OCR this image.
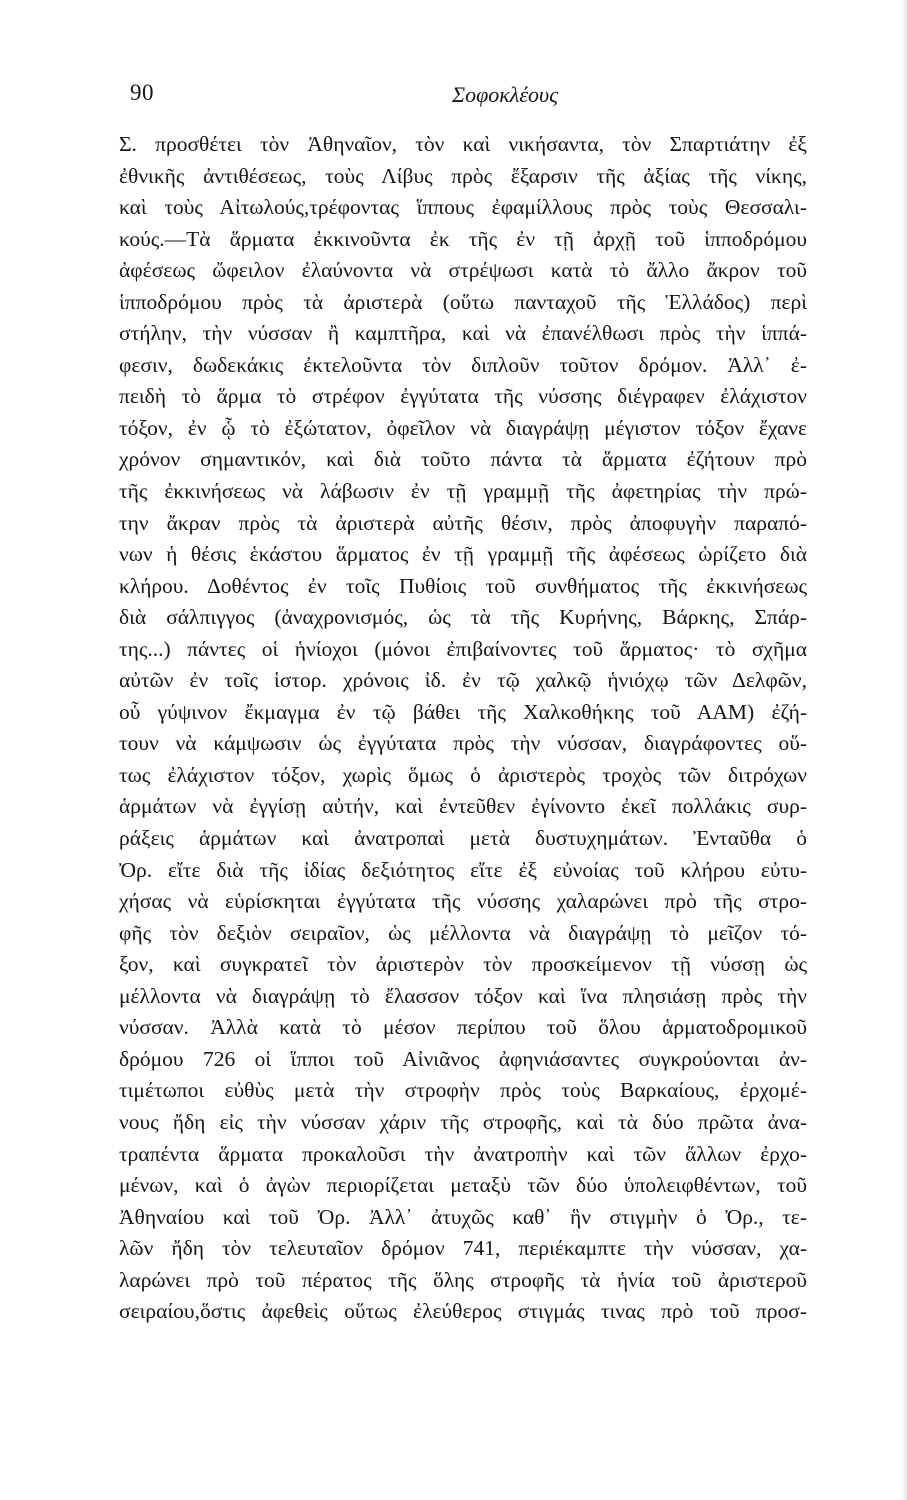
90	Σοφοκλέους
Σ. προσθέτει τὸν Ἀθηναῖον, τὸν καὶ νικήσαντα, τὸν Σπαρτιάτην ἐξ
ἐθνικῆς ἀντιθέσεως, τοὺς Λίβυς πρὸς ἔξαρσιν τῆς ἀξίας τῆς νίκης,
καὶ τοὺς Αἰτωλούς,τρέφοντας ἵππους ἐφαμίλλους πρὸς τοὺς Θεσσαλι-
κούς.—Τὰ ἅρματα ἐκκινοῦντα ἐκ τῆς ἐν τῇ ἀρχῇ τοῦ ἱπποδρόμου
ἀφέσεως ὤφειλον ἐλαύνοντα νὰ στρέψωσι κατὰ τὸ ἄλλο ἄκρον τοῦ
ἱπποδρόμου πρὸς τὰ ἀριστερὰ (οὕτω πανταχοῦ τῆς Ἑλλάδος) περὶ
στήλην, τὴν νύσσαν ἢ καμπτῆρα, καὶ νὰ ἐπανέλθωσι πρὸς τὴν ἱππά-
φεσιν, δωδεκάκις ἐκτελοῦντα τὸν διπλοῦν τοῦτον δρόμον. Ἀλλ᾽ ἐ-
πειδὴ τὸ ἅρμα τὸ στρέφον ἐγγύτατα τῆς νύσσης διέγραφεν ἐλάχιστον
τόξον, ἐν ᾧ τὸ ἐξώτατον, ὀφεῖλον νὰ διαγράψῃ μέγιστον τόξον ἔχανε
χρόνον σημαντικόν, καὶ διὰ τοῦτο πάντα τὰ ἅρματα ἐζήτουν πρὸ
τῆς ἐκκινήσεως νὰ λάβωσιν ἐν τῇ γραμμῇ τῆς ἀφετηρίας τὴν πρώ-
την ἄκραν πρὸς τὰ ἀριστερὰ αὐτῆς θέσιν, πρὸς ἀποφυγὴν παραπό-
νων ἡ θέσις ἑκάστου ἅρματος ἐν τῇ γραμμῇ τῆς ἀφέσεως ὡρίζετο διὰ
κλήρου. Δοθέντος ἐν τοῖς Πυθίοις τοῦ συνθήματος τῆς ἐκκινήσεως
διὰ σάλπιγγος (ἀναχρονισμός, ὡς τὰ τῆς Κυρήνης, Βάρκης, Σπάρ-
της...) πάντες οἱ ἡνίοχοι (μόνοι ἐπιβαίνοντες τοῦ ἅρματος· τὸ σχῆμα
αὐτῶν ἐν τοῖς ἱστορ. χρόνοις ἰδ. ἐν τῷ χαλκῷ ἡνιόχῳ τῶν Δελφῶν,
οὗ γύψινον ἔκμαγμα ἐν τῷ βάθει τῆς Χαλκοθήκης τοῦ ΑΑΜ) ἐζή-
τουν νὰ κάμψωσιν ὡς ἐγγύτατα πρὸς τὴν νύσσαν, διαγράφοντες οὕ-
τως ἐλάχιστον τόξον, χωρὶς ὅμως ὁ ἀριστερὸς τροχὸς τῶν διτρόχων
ἁρμάτων νὰ ἐγγίσῃ αὐτήν, καὶ ἐντεῦθεν ἐγίνοντο ἐκεῖ πολλάκις συρ-
ράξεις ἁρμάτων καὶ ἀνατροπαὶ μετὰ δυστυχημάτων. Ἐνταῦθα ὁ
Ὀρ. εἴτε διὰ τῆς ἰδίας δεξιότητος εἴτε ἐξ εὐνοίας τοῦ κλήρου εὐτυ-
χήσας νὰ εὑρίσκηται ἐγγύτατα τῆς νύσσης χαλαρώνει πρὸ τῆς στρο-
φῆς τὸν δεξιὸν σειραῖον, ὡς μέλλοντα νὰ διαγράψῃ τὸ μεῖζον τό-
ξον, καὶ συγκρατεῖ τὸν ἀριστερὸν τὸν προσκείμενον τῇ νύσσῃ ὡς
μέλλοντα νὰ διαγράψῃ τὸ ἔλασσον τόξον καὶ ἵνα πλησιάσῃ πρὸς τὴν
νύσσαν. Ἀλλὰ κατὰ τὸ μέσον περίπου τοῦ ὅλου ἁρματοδρομικοῦ
δρόμου 726 οἱ ἵπποι τοῦ Αἰνιᾶνος ἀφηνιάσαντες συγκρούονται ἀν-
τιμέτωποι εὐθὺς μετὰ τὴν στροφὴν πρὸς τοὺς Βαρκαίους, ἐρχομέ-
νους ἤδη εἰς τὴν νύσσαν χάριν τῆς στροφῆς, καὶ τὰ δύο πρῶτα ἀνα-
τραπέντα ἅρματα προκαλοῦσι τὴν ἀνατροπὴν καὶ τῶν ἄλλων ἐρχο-
μένων, καὶ ὁ ἀγὼν περιορίζεται μεταξὺ τῶν δύο ὑπολειφθέντων, τοῦ
Ἀθηναίου καὶ τοῦ Ὀρ. Ἀλλ᾽ ἀτυχῶς καθ᾽ ἣν στιγμὴν ὁ Ὀρ., τε-
λῶν ἤδη τὸν τελευταῖον δρόμον 741, περιέκαμπτε τὴν νύσσαν, χα-
λαρώνει πρὸ τοῦ πέρατος τῆς ὅλης στροφῆς τὰ ἡνία τοῦ ἀριστεροῦ
σειραίου,ὅστις ἀφεθεὶς οὕτως ἐλεύθερος στιγμάς τινας πρὸ τοῦ προσ-
